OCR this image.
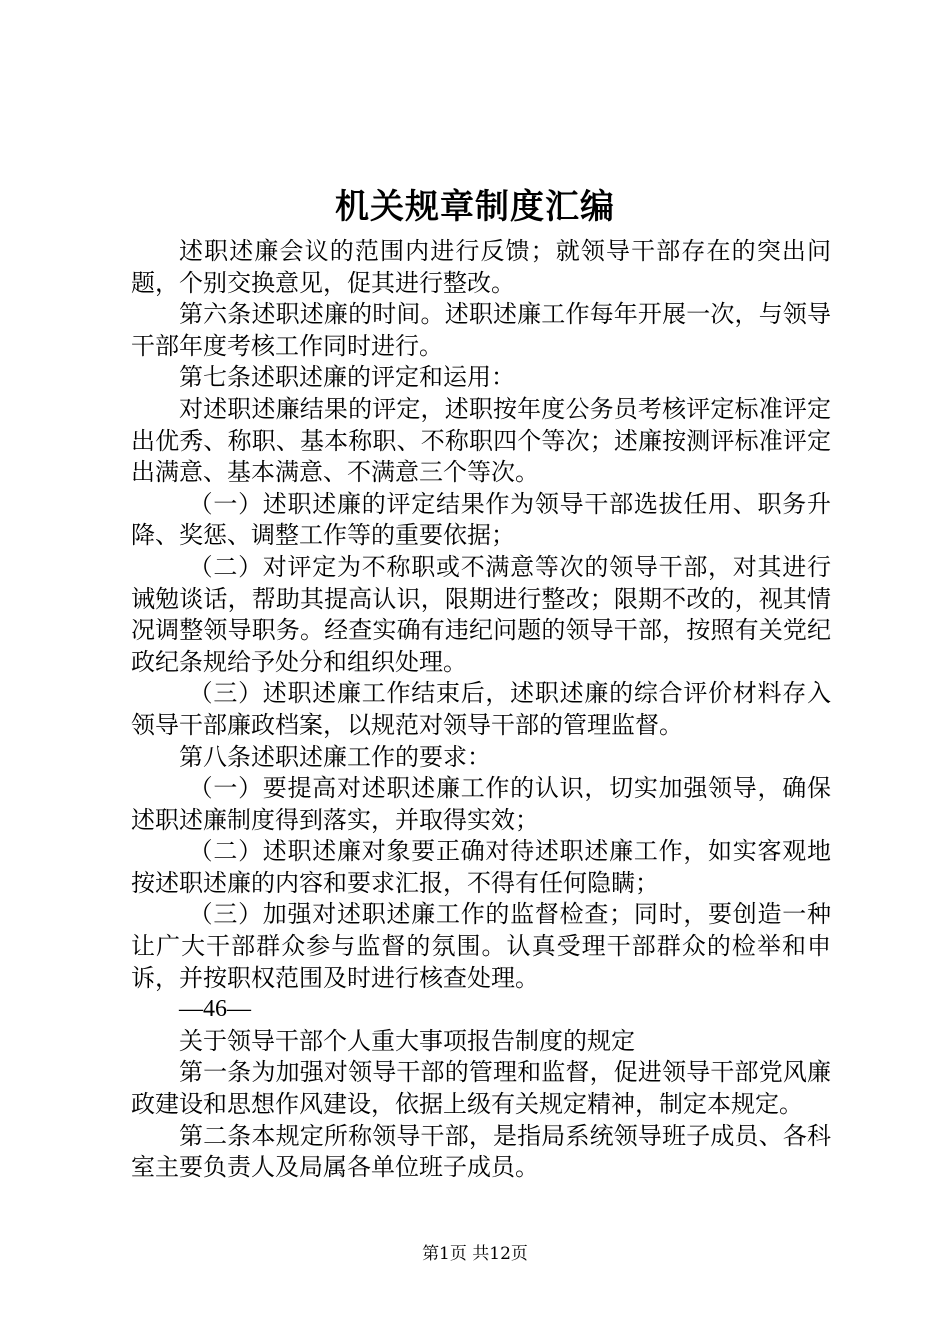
机关规章制度汇编

述职述廉会议的范围内进行反馈；就领导干部存在的突出问题，个别交换意见，促其进行整改。

第六条述职述廉的时间。述职述廉工作每年开展一次，与领导干部年度考核工作同时进行。

第七条述职述廉的评定和运用：

对述职述廉结果的评定，述职按年度公务员考核评定标准评定出优秀、称职、基本称职、不称职四个等次；述廉按测评标准评定出满意、基本满意、不满意三个等次。

（一）述职述廉的评定结果作为领导干部选拔任用、职务升降、奖惩、调整工作等的重要依据；

（二）对评定为不称职或不满意等次的领导干部，对其进行诫勉谈话，帮助其提高认识，限期进行整改；限期不改的，视其情况调整领导职务。经查实确有违纪问题的领导干部，按照有关党纪政纪条规给予处分和组织处理。

（三）述职述廉工作结束后，述职述廉的综合评价材料存入领导干部廉政档案，以规范对领导干部的管理监督。

第八条述职述廉工作的要求：

（一）要提高对述职述廉工作的认识，切实加强领导，确保述职述廉制度得到落实，并取得实效；

（二）述职述廉对象要正确对待述职述廉工作，如实客观地按述职述廉的内容和要求汇报，不得有任何隐瞒；

（三）加强对述职述廉工作的监督检查；同时，要创造一种让广大干部群众参与监督的氛围。认真受理干部群众的检举和申诉，并按职权范围及时进行核查处理。

—46—

关于领导干部个人重大事项报告制度的规定

第一条为加强对领导干部的管理和监督，促进领导干部党风廉政建设和思想作风建设，依据上级有关规定精神，制定本规定。

第二条本规定所称领导干部，是指局系统领导班子成员、各科室主要负责人及局属各单位班子成员。

第1页 共12页
